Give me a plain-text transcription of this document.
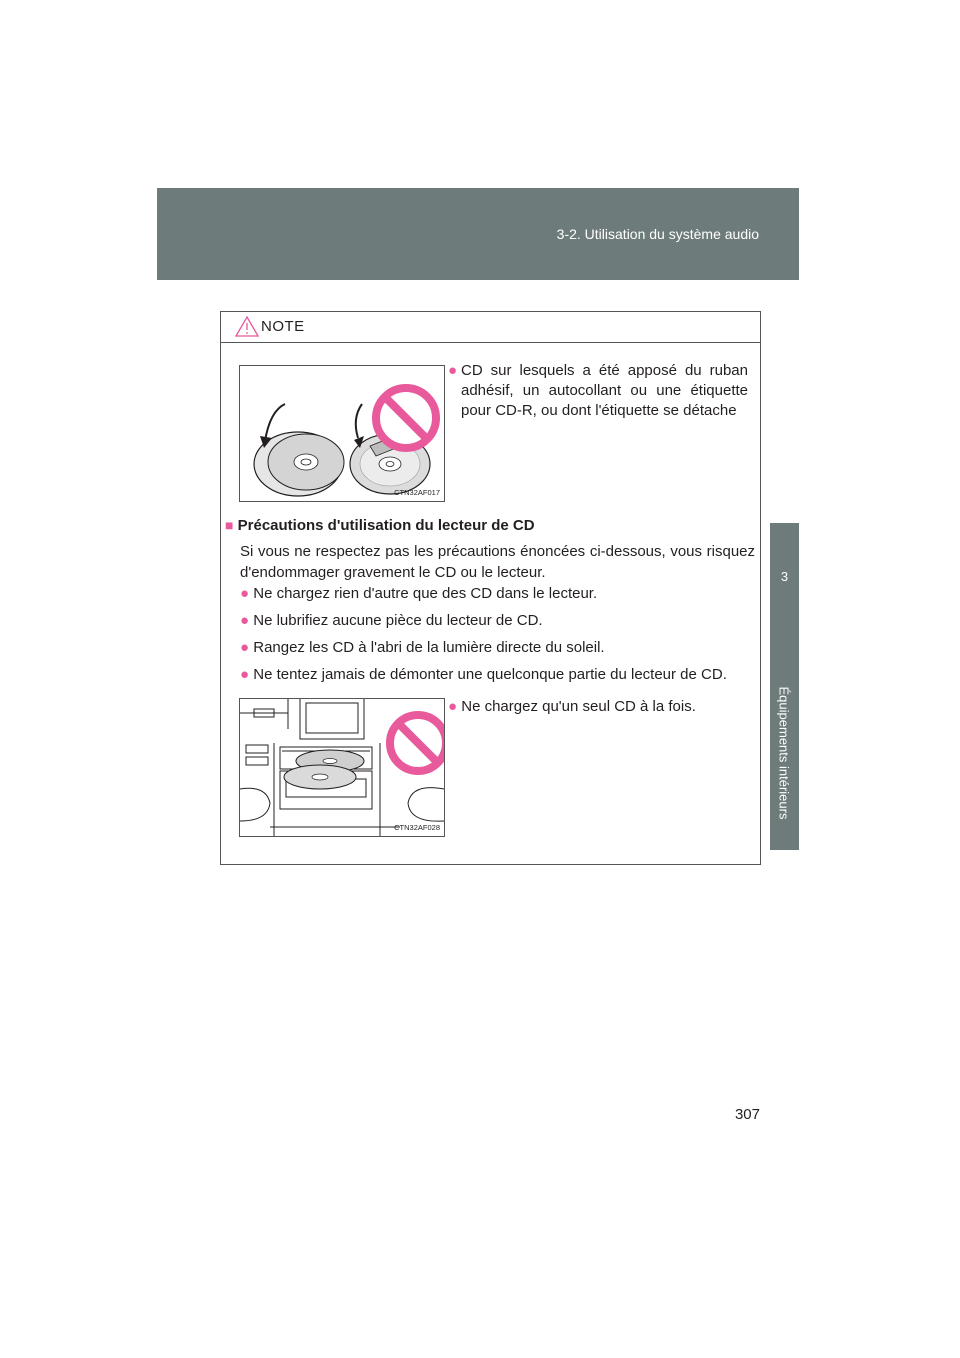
3-2. Utilisation du système audio
3
Équipements intérieurs
NOTE
CTN32AF017
● CD sur lesquels a été apposé du ruban adhésif, un autocollant ou une étiquette pour CD-R, ou dont l'étiquette se détache
■ Précautions d'utilisation du lecteur de CD
Si vous ne respectez pas les précautions énoncées ci-dessous, vous risquez d'endommager gravement le CD ou le lecteur.
● Ne chargez rien d'autre que des CD dans le lecteur.
● Ne lubrifiez aucune pièce du lecteur de CD.
● Rangez les CD à l'abri de la lumière directe du soleil.
● Ne tentez jamais de démonter une quelconque partie du lecteur de CD.
CTN32AF028
● Ne chargez qu'un seul CD à la fois.
307
